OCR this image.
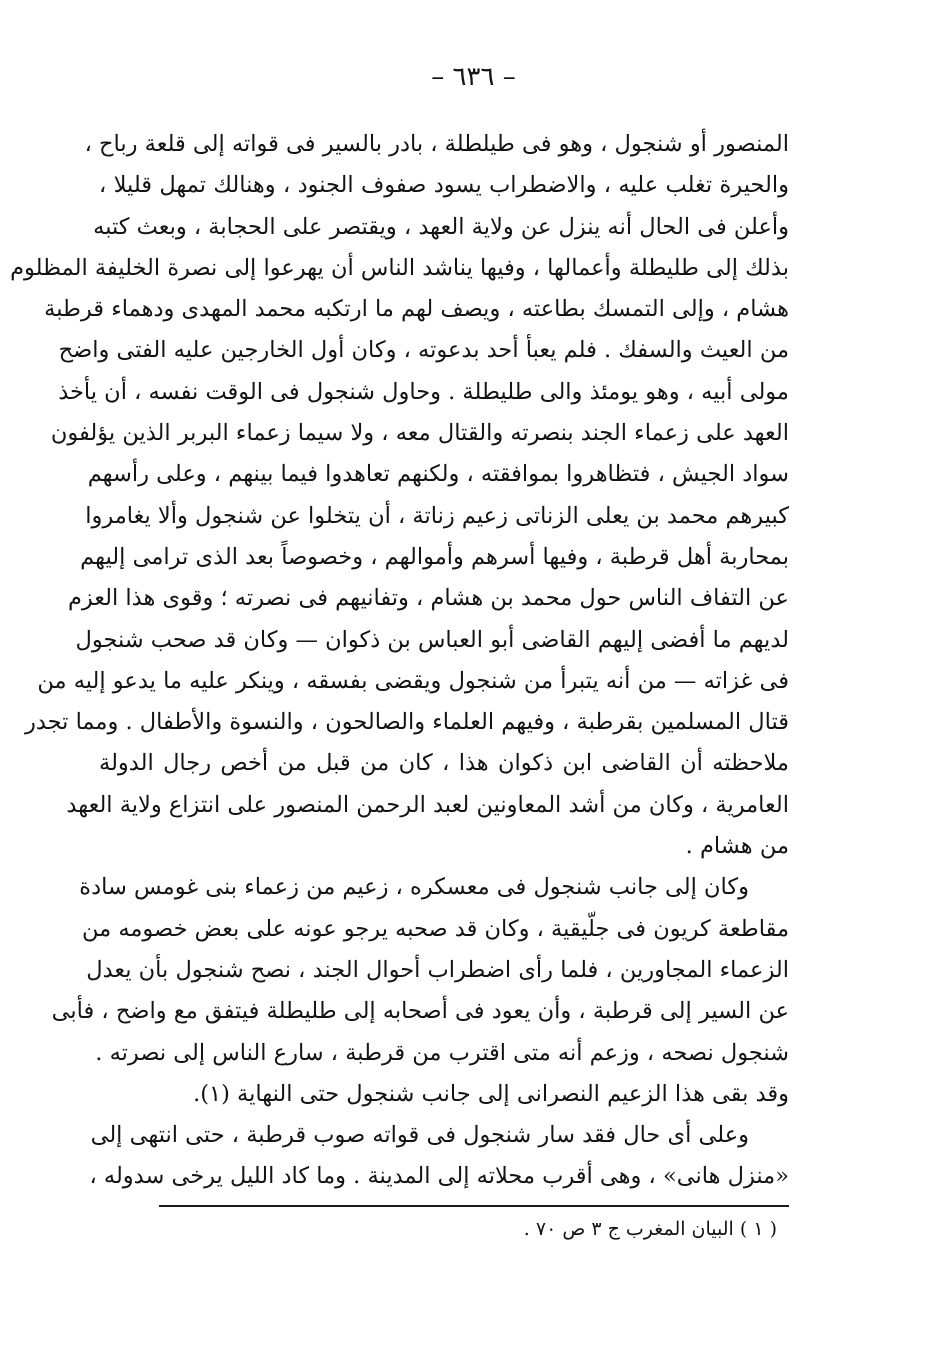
– ٦٣٦ –
المنصور أو شنجول ، وهو فى طيلطلة ، بادر بالسير فى قواته إلى قلعة رباح ،
والحيرة تغلب عليه ، والاضطراب يسود صفوف الجنود ، وهنالك تمهل قليلا ،
وأعلن فى الحال أنه ينزل عن ولاية العهد ، ويقتصر على الحجابة ، وبعث كتبه
بذلك إلى طليطلة وأعمالها ، وفيها يناشد الناس أن يهرعوا إلى نصرة الخليفة المظلوم
هشام ، وإلى التمسك بطاعته ، ويصف لهم ما ارتكبه محمد المهدى ودهماء قرطبة
من العيث والسفك . فلم يعبأ أحد بدعوته ، وكان أول الخارجين عليه الفتى واضح
مولى أبيه ، وهو يومئذ والى طليطلة . وحاول شنجول فى الوقت نفسه ، أن يأخذ
العهد على زعماء الجند بنصرته والقتال معه ، ولا سيما زعماء البربر الذين يؤلفون
سواد الجيش ، فتظاهروا بموافقته ، ولكنهم تعاهدوا فيما بينهم ، وعلى رأسهم
كبيرهم محمد بن يعلى الزناتى زعيم زناتة ، أن يتخلوا عن شنجول وألا يغامروا
بمحاربة أهل قرطبة ، وفيها أسرهم وأموالهم ، وخصوصاً بعد الذى ترامى إليهم
عن التفاف الناس حول محمد بن هشام ، وتفانيهم فى نصرته ؛ وقوى هذا العزم
لديهم ما أفضى إليهم القاضى أبو العباس بن ذكوان — وكان قد صحب شنجول
فى غزاته — من أنه يتبرأ من شنجول ويقضى بفسقه ، وينكر عليه ما يدعو إليه من
قتال المسلمين بقرطبة ، وفيهم العلماء والصالحون ، والنسوة والأطفال . ومما تجدر
ملاحظته أن القاضى ابن ذكوان هذا ، كان من قبل من أخص رجال الدولة
العامرية ، وكان من أشد المعاونين لعبد الرحمن المنصور على انتزاع ولاية العهد
من هشام .
وكان إلى جانب شنجول فى معسكره ، زعيم من زعماء بنى غومس سادة
مقاطعة كريون فى جلّيقية ، وكان قد صحبه يرجو عونه على بعض خصومه من
الزعماء المجاورين ، فلما رأى اضطراب أحوال الجند ، نصح شنجول بأن يعدل
عن السير إلى قرطبة ، وأن يعود فى أصحابه إلى طليطلة فيتفق مع واضح ، فأبى
شنجول نصحه ، وزعم أنه متى اقترب من قرطبة ، سارع الناس إلى نصرته .
وقد بقى هذا الزعيم النصرانى إلى جانب شنجول حتى النهاية (١).
وعلى أى حال فقد سار شنجول فى قواته صوب قرطبة ، حتى انتهى إلى
«منزل هانى» ، وهى أقرب محلاته إلى المدينة . وما كاد الليل يرخى سدوله ،
( ١ ) البيان المغرب ج ٣ ص ٧٠ .
